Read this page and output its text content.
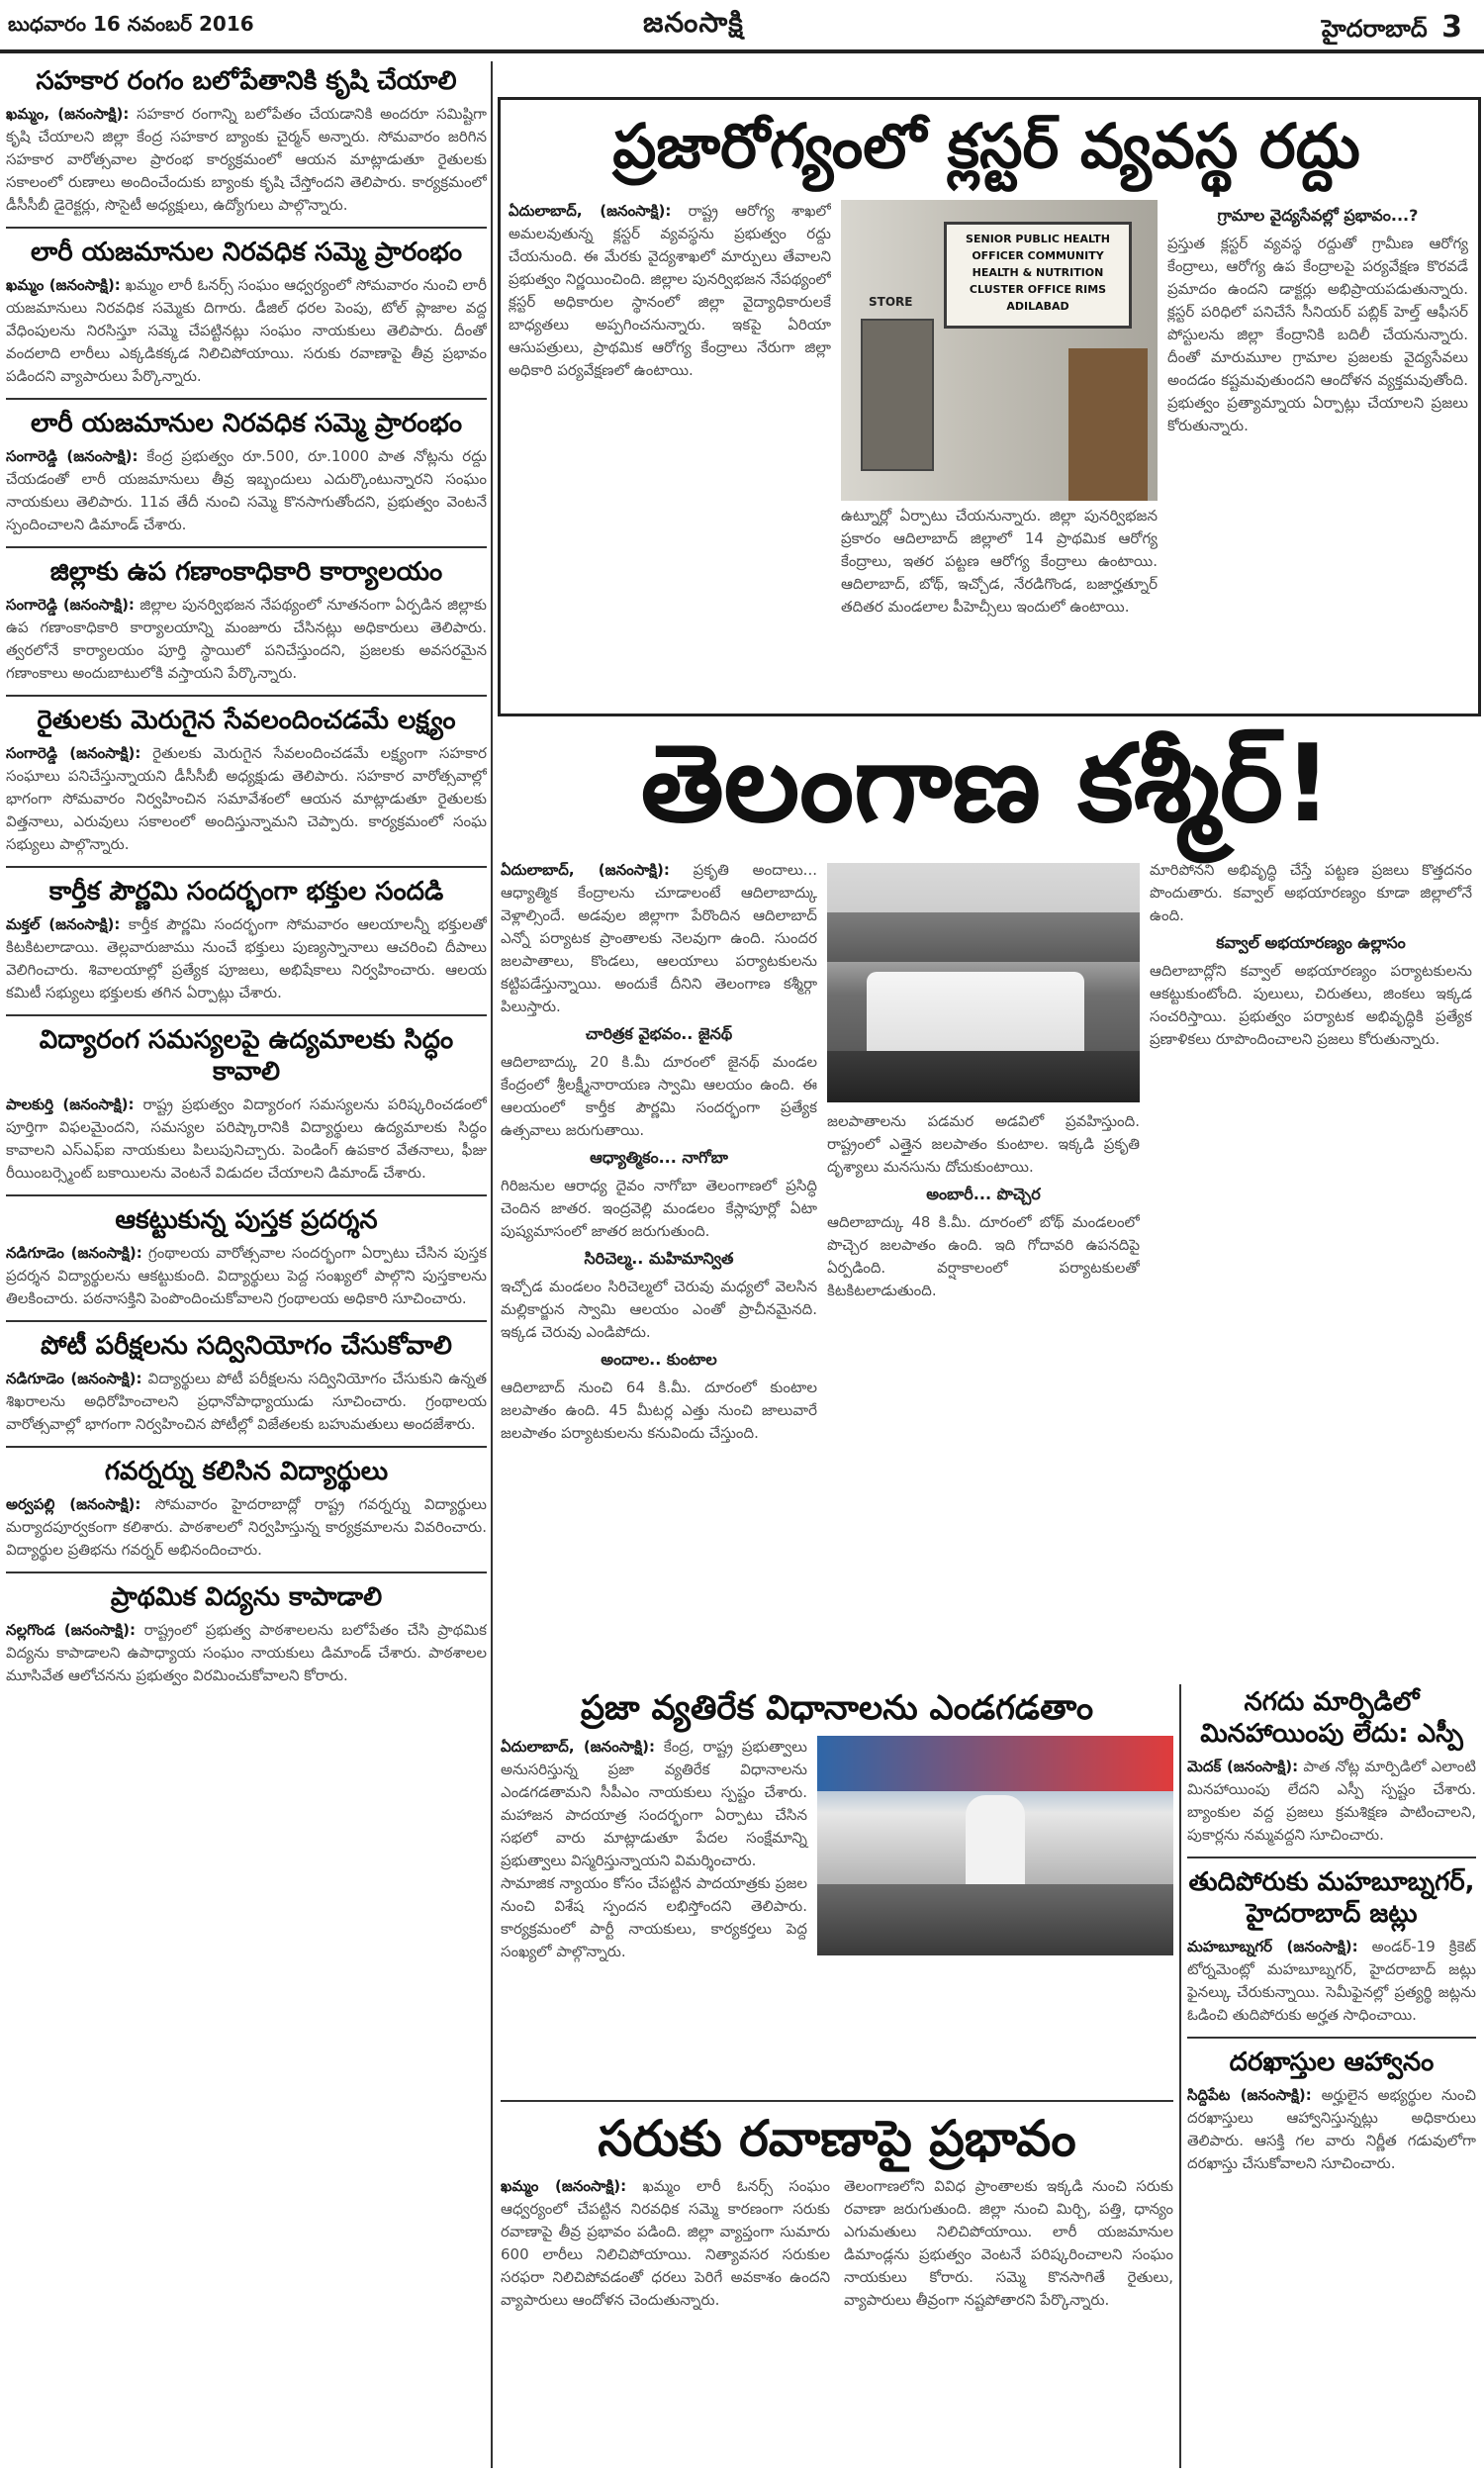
బుధవారం 16 నవంబర్ 2016	జనంసాక్షి	హైదరాబాద్ 3
సహకార రంగం బలోపేతానికి కృషి చేయాలి
ఖమ్మం, (జనంసాక్షి): సహకార రంగాన్ని బలోపేతం చేయడానికి అందరూ సమిష్టిగా కృషి చేయాలని జిల్లా కేంద్ర సహకార బ్యాంకు చైర్మన్ అన్నారు. సోమవారం జరిగిన సహకార వారోత్సవాల ప్రారంభ కార్యక్రమంలో ఆయన మాట్లాడుతూ రైతులకు సకాలంలో రుణాలు అందించేందుకు బ్యాంకు కృషి చేస్తోందని తెలిపారు. కార్యక్రమంలో డీసీసీబీ డైరెక్టర్లు, సొసైటీ అధ్యక్షులు, ఉద్యోగులు పాల్గొన్నారు.
లారీ యజమానుల నిరవధిక సమ్మె ప్రారంభం
ఖమ్మం (జనంసాక్షి): ఖమ్మం లారీ ఓనర్స్ సంఘం ఆధ్వర్యంలో సోమవారం నుంచి లారీ యజమానులు నిరవధిక సమ్మెకు దిగారు. డీజిల్ ధరల పెంపు, టోల్ ప్లాజాల వద్ద వేధింపులను నిరసిస్తూ సమ్మె చేపట్టినట్లు సంఘం నాయకులు తెలిపారు. దీంతో వందలాది లారీలు ఎక్కడికక్కడ నిలిచిపోయాయి. సరుకు రవాణాపై తీవ్ర ప్రభావం పడిందని వ్యాపారులు పేర్కొన్నారు.
లారీ యజమానుల నిరవధిక సమ్మె ప్రారంభం
సంగారెడ్డి (జనంసాక్షి): కేంద్ర ప్రభుత్వం రూ.500, రూ.1000 పాత నోట్లను రద్దు చేయడంతో లారీ యజమానులు తీవ్ర ఇబ్బందులు ఎదుర్కొంటున్నారని సంఘం నాయకులు తెలిపారు. 11వ తేదీ నుంచి సమ్మె కొనసాగుతోందని, ప్రభుత్వం వెంటనే స్పందించాలని డిమాండ్ చేశారు.
జిల్లాకు ఉప గణాంకాధికారి కార్యాలయం
సంగారెడ్డి (జనంసాక్షి): జిల్లాల పునర్విభజన నేపథ్యంలో నూతనంగా ఏర్పడిన జిల్లాకు ఉప గణాంకాధికారి కార్యాలయాన్ని మంజూరు చేసినట్లు అధికారులు తెలిపారు. త్వరలోనే కార్యాలయం పూర్తి స్థాయిలో పనిచేస్తుందని, ప్రజలకు అవసరమైన గణాంకాలు అందుబాటులోకి వస్తాయని పేర్కొన్నారు.
రైతులకు మెరుగైన సేవలందించడమే లక్ష్యం
సంగారెడ్డి (జనంసాక్షి): రైతులకు మెరుగైన సేవలందించడమే లక్ష్యంగా సహకార సంఘాలు పనిచేస్తున్నాయని డీసీసీబీ అధ్యక్షుడు తెలిపారు. సహకార వారోత్సవాల్లో భాగంగా సోమవారం నిర్వహించిన సమావేశంలో ఆయన మాట్లాడుతూ రైతులకు విత్తనాలు, ఎరువులు సకాలంలో అందిస్తున్నామని చెప్పారు. కార్యక్రమంలో సంఘ సభ్యులు పాల్గొన్నారు.
కార్తీక పౌర్ణమి సందర్భంగా భక్తుల సందడి
మక్తల్ (జనంసాక్షి): కార్తీక పౌర్ణమి సందర్భంగా సోమవారం ఆలయాలన్నీ భక్తులతో కిటకిటలాడాయి. తెల్లవారుజాము నుంచే భక్తులు పుణ్యస్నానాలు ఆచరించి దీపాలు వెలిగించారు. శివాలయాల్లో ప్రత్యేక పూజలు, అభిషేకాలు నిర్వహించారు. ఆలయ కమిటీ సభ్యులు భక్తులకు తగిన ఏర్పాట్లు చేశారు.
విద్యారంగ సమస్యలపై ఉద్యమాలకు సిద్ధం కావాలి
పాలకుర్తి (జనంసాక్షి): రాష్ట్ర ప్రభుత్వం విద్యారంగ సమస్యలను పరిష్కరించడంలో పూర్తిగా విఫలమైందని, సమస్యల పరిష్కారానికి విద్యార్థులు ఉద్యమాలకు సిద్ధం కావాలని ఎస్ఎఫ్ఐ నాయకులు పిలుపునిచ్చారు. పెండింగ్ ఉపకార వేతనాలు, ఫీజు రీయింబర్స్మెంట్ బకాయిలను వెంటనే విడుదల చేయాలని డిమాండ్ చేశారు.
ఆకట్టుకున్న పుస్తక ప్రదర్శన
నడిగూడెం (జనంసాక్షి): గ్రంథాలయ వారోత్సవాల సందర్భంగా ఏర్పాటు చేసిన పుస్తక ప్రదర్శన విద్యార్థులను ఆకట్టుకుంది. విద్యార్థులు పెద్ద సంఖ్యలో పాల్గొని పుస్తకాలను తిలకించారు. పఠనాసక్తిని పెంపొందించుకోవాలని గ్రంథాలయ అధికారి సూచించారు.
పోటీ పరీక్షలను సద్వినియోగం చేసుకోవాలి
నడిగూడెం (జనంసాక్షి): విద్యార్థులు పోటీ పరీక్షలను సద్వినియోగం చేసుకుని ఉన్నత శిఖరాలను అధిరోహించాలని ప్రధానోపాధ్యాయుడు సూచించారు. గ్రంథాలయ వారోత్సవాల్లో భాగంగా నిర్వహించిన పోటీల్లో విజేతలకు బహుమతులు అందజేశారు.
గవర్నర్ను కలిసిన విద్యార్థులు
అర్వపల్లి (జనంసాక్షి): సోమవారం హైదరాబాద్లో రాష్ట్ర గవర్నర్ను విద్యార్థులు మర్యాదపూర్వకంగా కలిశారు. పాఠశాలలో నిర్వహిస్తున్న కార్యక్రమాలను వివరించారు. విద్యార్థుల ప్రతిభను గవర్నర్ అభినందించారు.
ప్రాథమిక విద్యను కాపాడాలి
నల్లగొండ (జనంసాక్షి): రాష్ట్రంలో ప్రభుత్వ పాఠశాలలను బలోపేతం చేసి ప్రాథమిక విద్యను కాపాడాలని ఉపాధ్యాయ సంఘం నాయకులు డిమాండ్ చేశారు. పాఠశాలల మూసివేత ఆలోచనను ప్రభుత్వం విరమించుకోవాలని కోరారు.
ప్రజారోగ్యంలో క్లస్టర్ వ్యవస్థ రద్దు
ఏదులాబాద్, (జనంసాక్షి): రాష్ట్ర ఆరోగ్య శాఖలో అమలవుతున్న క్లస్టర్ వ్యవస్థను ప్రభుత్వం రద్దు చేయనుంది. ఈ మేరకు వైద్యశాఖలో మార్పులు తేవాలని ప్రభుత్వం నిర్ణయించింది. జిల్లాల పునర్విభజన నేపథ్యంలో క్లస్టర్ అధికారుల స్థానంలో జిల్లా వైద్యాధికారులకే బాధ్యతలు అప్పగించనున్నారు. ఇకపై ఏరియా ఆసుపత్రులు, ప్రాథమిక ఆరోగ్య కేంద్రాలు నేరుగా జిల్లా అధికారి పర్యవేక్షణలో ఉంటాయి.
SENIOR PUBLIC HEALTH OFFICER COMMUNITY HEALTH & NUTRITION CLUSTER OFFICE RIMS ADILABAD
STORE
ఉట్నూర్లో ఏర్పాటు చేయనున్నారు. జిల్లా పునర్విభజన ప్రకారం ఆదిలాబాద్ జిల్లాలో 14 ప్రాథమిక ఆరోగ్య కేంద్రాలు, ఇతర పట్టణ ఆరోగ్య కేంద్రాలు ఉంటాయి. ఆదిలాబాద్, బోథ్, ఇచ్చోడ, నేరడిగొండ, బజార్హత్నూర్ తదితర మండలాల పీహెచ్సీలు ఇందులో ఉంటాయి.
గ్రామాల వైద్యసేవల్లో ప్రభావం...?
ప్రస్తుత క్లస్టర్ వ్యవస్థ రద్దుతో గ్రామీణ ఆరోగ్య కేంద్రాలు, ఆరోగ్య ఉప కేంద్రాలపై పర్యవేక్షణ కొరవడే ప్రమాదం ఉందని డాక్టర్లు అభిప్రాయపడుతున్నారు. క్లస్టర్ పరిధిలో పనిచేసే సీనియర్ పబ్లిక్ హెల్త్ ఆఫీసర్ పోస్టులను జిల్లా కేంద్రానికి బదిలీ చేయనున్నారు. దీంతో మారుమూల గ్రామాల ప్రజలకు వైద్యసేవలు అందడం కష్టమవుతుందని ఆందోళన వ్యక్తమవుతోంది. ప్రభుత్వం ప్రత్యామ్నాయ ఏర్పాట్లు చేయాలని ప్రజలు కోరుతున్నారు.
తెలంగాణ కశ్మీర్!
ఏదులాబాద్, (జనంసాక్షి): ప్రకృతి అందాలు... ఆధ్యాత్మిక కేంద్రాలను చూడాలంటే ఆదిలాబాద్కు వెళ్లాల్సిందే. అడవుల జిల్లాగా పేరొందిన ఆదిలాబాద్ ఎన్నో పర్యాటక ప్రాంతాలకు నెలవుగా ఉంది. సుందర జలపాతాలు, కొండలు, ఆలయాలు పర్యాటకులను కట్టిపడేస్తున్నాయి. అందుకే దీనిని తెలంగాణ కశ్మీర్గా పిలుస్తారు.
చారిత్రక వైభవం.. జైనథ్
ఆదిలాబాద్కు 20 కి.మీ దూరంలో జైనథ్ మండల కేంద్రంలో శ్రీలక్ష్మీనారాయణ స్వామి ఆలయం ఉంది. ఈ ఆలయంలో కార్తీక పౌర్ణమి సందర్భంగా ప్రత్యేక ఉత్సవాలు జరుగుతాయి.
ఆధ్యాత్మికం... నాగోబా
గిరిజనుల ఆరాధ్య దైవం నాగోబా తెలంగాణలో ప్రసిద్ధి చెందిన జాతర. ఇంద్రవెల్లి మండలం కేస్లాపూర్లో ఏటా పుష్యమాసంలో జాతర జరుగుతుంది.
సిరిచెల్మ.. మహిమాన్విత
ఇచ్చోడ మండలం సిరిచెల్మలో చెరువు మధ్యలో వెలసిన మల్లికార్జున స్వామి ఆలయం ఎంతో ప్రాచీనమైనది. ఇక్కడ చెరువు ఎండిపోదు.
అందాల.. కుంటాల
ఆదిలాబాద్ నుంచి 64 కి.మీ. దూరంలో కుంటాల జలపాతం ఉంది. 45 మీటర్ల ఎత్తు నుంచి జాలువారే జలపాతం పర్యాటకులను కనువిందు చేస్తుంది.
జలపాతాలను పడమర అడవిలో ప్రవహిస్తుంది. రాష్ట్రంలో ఎత్తైన జలపాతం కుంటాల. ఇక్కడి ప్రకృతి దృశ్యాలు మనసును దోచుకుంటాయి.
అంబారీ... పొచ్చెర
ఆదిలాబాద్కు 48 కి.మీ. దూరంలో బోథ్ మండలంలో పొచ్చెర జలపాతం ఉంది. ఇది గోదావరి ఉపనదిపై ఏర్పడింది. వర్షాకాలంలో పర్యాటకులతో కిటకిటలాడుతుంది.
మారిపోనని అభివృద్ధి చేస్తే పట్టణ ప్రజలు కొత్తదనం పొందుతారు. కవ్వాల్ అభయారణ్యం కూడా జిల్లాలోనే ఉంది.
కవ్వాల్ అభయారణ్యం ఉల్లాసం
ఆదిలాబాద్లోని కవ్వాల్ అభయారణ్యం పర్యాటకులను ఆకట్టుకుంటోంది. పులులు, చిరుతలు, జింకలు ఇక్కడ సంచరిస్తాయి. ప్రభుత్వం పర్యాటక అభివృద్ధికి ప్రత్యేక ప్రణాళికలు రూపొందించాలని ప్రజలు కోరుతున్నారు.
ప్రజా వ్యతిరేక విధానాలను ఎండగడతాం
ఏదులాబాద్, (జనంసాక్షి): కేంద్ర, రాష్ట్ర ప్రభుత్వాలు అనుసరిస్తున్న ప్రజా వ్యతిరేక విధానాలను ఎండగడతామని సీపీఎం నాయకులు స్పష్టం చేశారు. మహాజన పాదయాత్ర సందర్భంగా ఏర్పాటు చేసిన సభలో వారు మాట్లాడుతూ పేదల సంక్షేమాన్ని ప్రభుత్వాలు విస్మరిస్తున్నాయని విమర్శించారు.
సామాజిక న్యాయం కోసం చేపట్టిన పాదయాత్రకు ప్రజల నుంచి విశేష స్పందన లభిస్తోందని తెలిపారు. కార్యక్రమంలో పార్టీ నాయకులు, కార్యకర్తలు పెద్ద సంఖ్యలో పాల్గొన్నారు.
సరుకు రవాణాపై ప్రభావం
ఖమ్మం (జనంసాక్షి): ఖమ్మం లారీ ఓనర్స్ సంఘం ఆధ్వర్యంలో చేపట్టిన నిరవధిక సమ్మె కారణంగా సరుకు రవాణాపై తీవ్ర ప్రభావం పడింది. జిల్లా వ్యాప్తంగా సుమారు 600 లారీలు నిలిచిపోయాయి. నిత్యావసర సరుకుల సరఫరా నిలిచిపోవడంతో ధరలు పెరిగే అవకాశం ఉందని వ్యాపారులు ఆందోళన చెందుతున్నారు.
తెలంగాణలోని వివిధ ప్రాంతాలకు ఇక్కడి నుంచి సరుకు రవాణా జరుగుతుంది. జిల్లా నుంచి మిర్చి, పత్తి, ధాన్యం ఎగుమతులు నిలిచిపోయాయి. లారీ యజమానుల డిమాండ్లను ప్రభుత్వం వెంటనే పరిష్కరించాలని సంఘం నాయకులు కోరారు. సమ్మె కొనసాగితే రైతులు, వ్యాపారులు తీవ్రంగా నష్టపోతారని పేర్కొన్నారు.
నగదు మార్పిడిలో మినహాయింపు లేదు: ఎస్పీ
మెదక్ (జనంసాక్షి): పాత నోట్ల మార్పిడిలో ఎలాంటి మినహాయింపు లేదని ఎస్పీ స్పష్టం చేశారు. బ్యాంకుల వద్ద ప్రజలు క్రమశిక్షణ పాటించాలని, పుకార్లను నమ్మవద్దని సూచించారు.
తుదిపోరుకు మహబూబ్నగర్, హైదరాబాద్ జట్లు
మహబూబ్నగర్ (జనంసాక్షి): అండర్-19 క్రికెట్ టోర్నమెంట్లో మహబూబ్నగర్, హైదరాబాద్ జట్లు ఫైనల్కు చేరుకున్నాయి. సెమీఫైనల్లో ప్రత్యర్థి జట్లను ఓడించి తుదిపోరుకు అర్హత సాధించాయి.
దరఖాస్తుల ఆహ్వానం
సిద్దిపేట (జనంసాక్షి): అర్హులైన అభ్యర్థుల నుంచి దరఖాస్తులు ఆహ్వానిస్తున్నట్లు అధికారులు తెలిపారు. ఆసక్తి గల వారు నిర్ణీత గడువులోగా దరఖాస్తు చేసుకోవాలని సూచించారు.
